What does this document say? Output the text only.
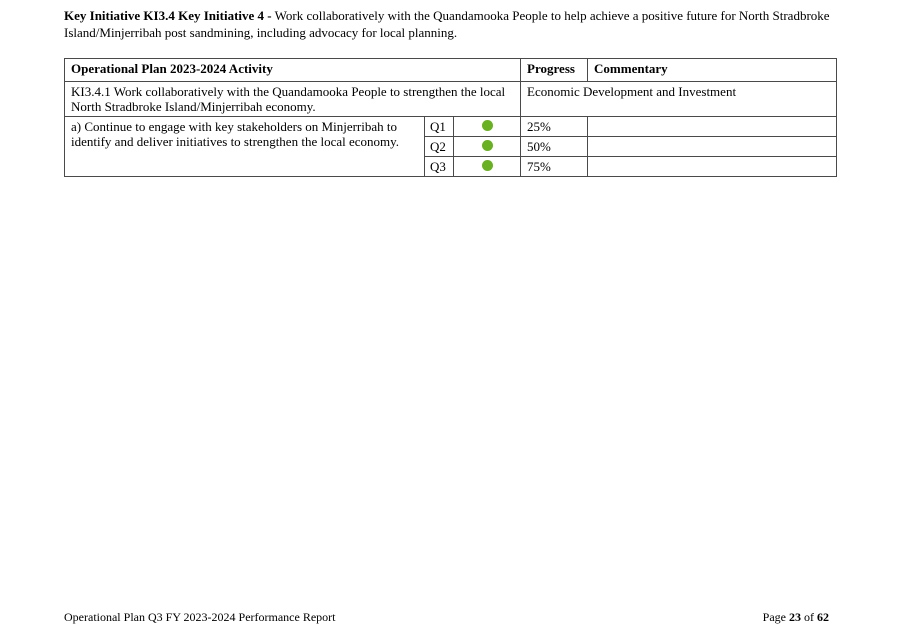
Key Initiative KI3.4 Key Initiative 4 - Work collaboratively with the Quandamooka People to help achieve a positive future for North Stradbroke Island/Minjerribah post sandmining, including advocacy for local planning.
Operational Plan 2023-2024 Activity			Progress	Commentary
KI3.4.1 Work collaboratively with the Quandamooka People to strengthen the local North Stradbroke Island/Minjerribah economy.			Economic Development and Investment	
a) Continue to engage with key stakeholders on Minjerribah to identify and deliver initiatives to strengthen the local economy.	Q1		25%	
	Q2		50%	
	Q3		75%	
Operational Plan Q3 FY 2023-2024 Performance Report	Page 23 of 62
